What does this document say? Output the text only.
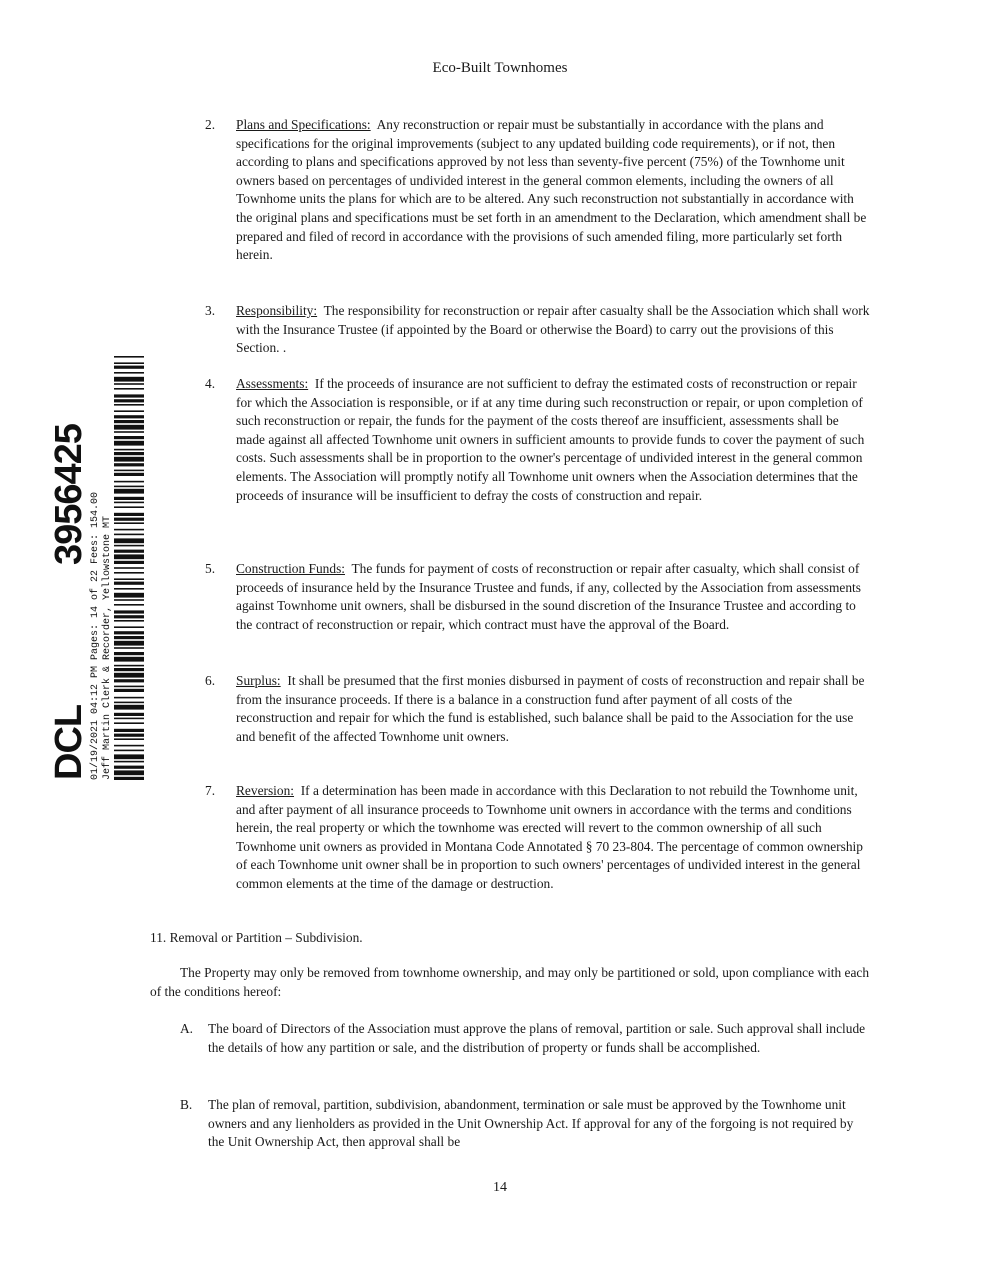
Eco-Built Townhomes
DCL
3956425 01/19/2021 04:12 PM Pages: 14 of 22 Fees: 154.00 Jeff Martin Clerk & Recorder, Yellowstone MT
2. Plans and Specifications: Any reconstruction or repair must be substantially in accordance with the plans and specifications for the original improvements (subject to any updated building code requirements), or if not, then according to plans and specifications approved by not less than seventy-five percent (75%) of the Townhome unit owners based on percentages of undivided interest in the general common elements, including the owners of all Townhome units the plans for which are to be altered. Any such reconstruction not substantially in accordance with the original plans and specifications must be set forth in an amendment to the Declaration, which amendment shall be prepared and filed of record in accordance with the provisions of such amended filing, more particularly set forth herein.
3. Responsibility: The responsibility for reconstruction or repair after casualty shall be the Association which shall work with the Insurance Trustee (if appointed by the Board or otherwise the Board) to carry out the provisions of this Section. .
4. Assessments: If the proceeds of insurance are not sufficient to defray the estimated costs of reconstruction or repair for which the Association is responsible, or if at any time during such reconstruction or repair, or upon completion of such reconstruction or repair, the funds for the payment of the costs thereof are insufficient, assessments shall be made against all affected Townhome unit owners in sufficient amounts to provide funds to cover the payment of such costs. Such assessments shall be in proportion to the owner's percentage of undivided interest in the general common elements. The Association will promptly notify all Townhome unit owners when the Association determines that the proceeds of insurance will be insufficient to defray the costs of construction and repair.
5. Construction Funds: The funds for payment of costs of reconstruction or repair after casualty, which shall consist of proceeds of insurance held by the Insurance Trustee and funds, if any, collected by the Association from assessments against Townhome unit owners, shall be disbursed in the sound discretion of the Insurance Trustee and according to the contract of reconstruction or repair, which contract must have the approval of the Board.
6. Surplus: It shall be presumed that the first monies disbursed in payment of costs of reconstruction and repair shall be from the insurance proceeds. If there is a balance in a construction fund after payment of all costs of the reconstruction and repair for which the fund is established, such balance shall be paid to the Association for the use and benefit of the affected Townhome unit owners.
7. Reversion: If a determination has been made in accordance with this Declaration to not rebuild the Townhome unit, and after payment of all insurance proceeds to Townhome unit owners in accordance with the terms and conditions herein, the real property or which the townhome was erected will revert to the common ownership of all such Townhome unit owners as provided in Montana Code Annotated § 70 23-804. The percentage of common ownership of each Townhome unit owner shall be in proportion to such owners' percentages of undivided interest in the general common elements at the time of the damage or destruction.
11. Removal or Partition – Subdivision.
The Property may only be removed from townhome ownership, and may only be partitioned or sold, upon compliance with each of the conditions hereof:
A. The board of Directors of the Association must approve the plans of removal, partition or sale. Such approval shall include the details of how any partition or sale, and the distribution of property or funds shall be accomplished.
B. The plan of removal, partition, subdivision, abandonment, termination or sale must be approved by the Townhome unit owners and any lienholders as provided in the Unit Ownership Act. If approval for any of the forgoing is not required by the Unit Ownership Act, then approval shall be
14
